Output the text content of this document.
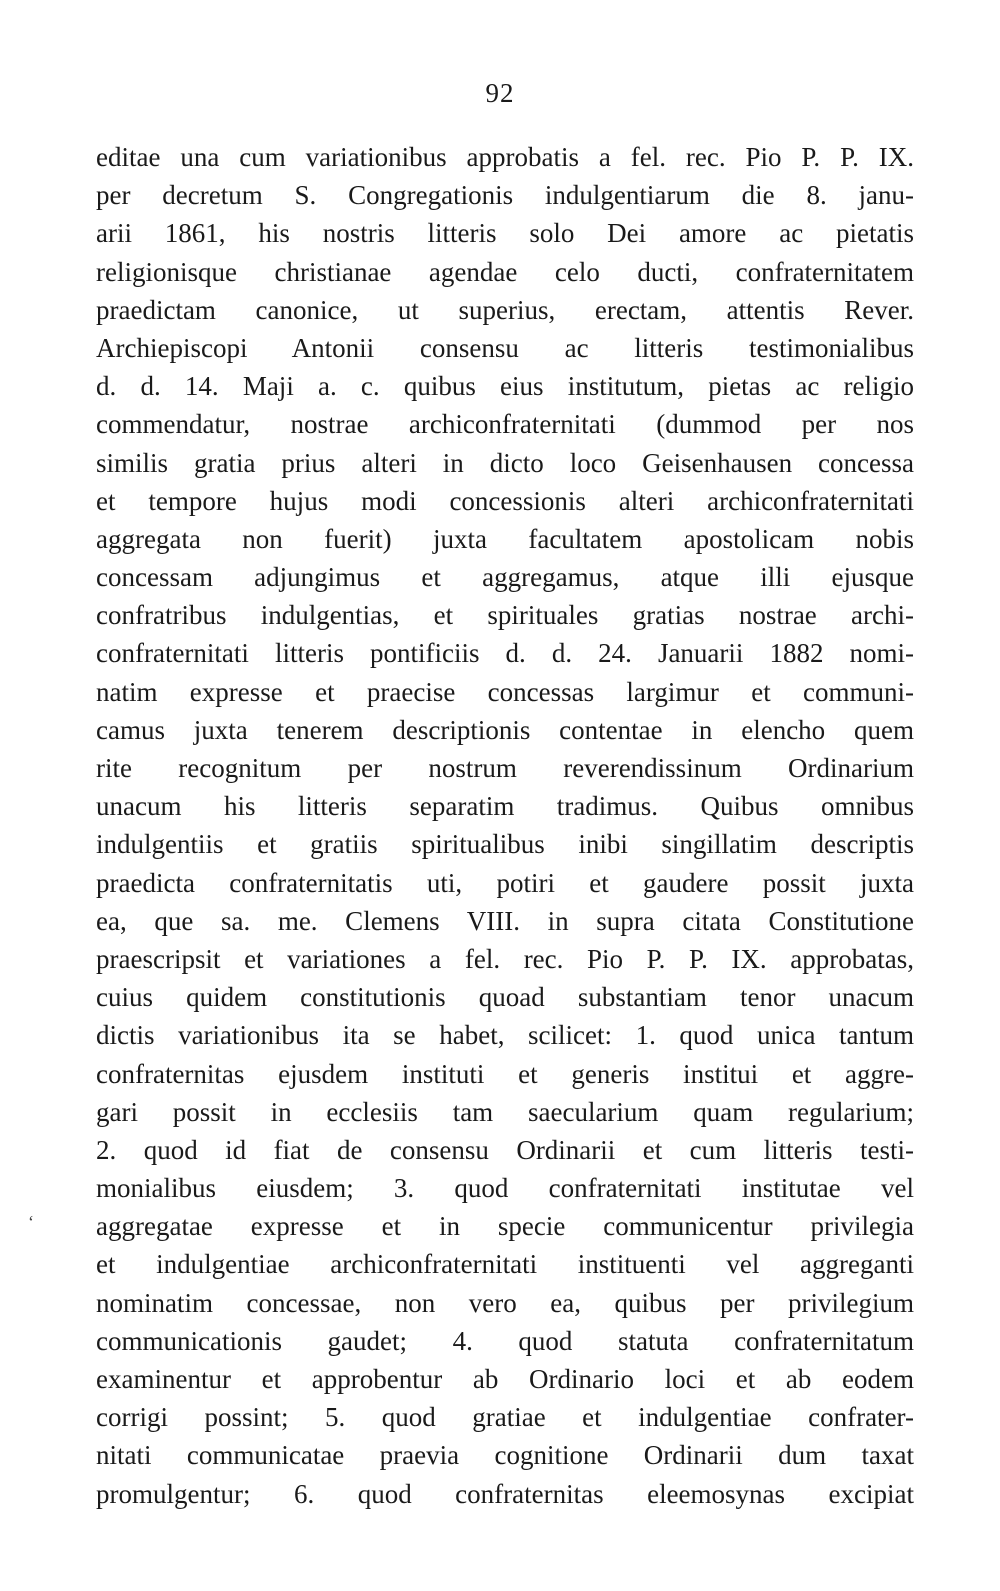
92
editae una cum variationibus approbatis a fel. rec. Pio P. P. IX.
per decretum S. Congregationis indulgentiarum die 8. janu-
arii 1861, his nostris litteris solo Dei amore ac pietatis
religionisque christianae agendae celo ducti, confraternitatem
praedictam canonice, ut superius, erectam, attentis Rever.
Archiepiscopi Antonii consensu ac litteris testimonialibus
d. d. 14. Maji a. c. quibus eius institutum, pietas ac religio
commendatur, nostrae archiconfraternitati (dummod per nos
similis gratia prius alteri in dicto loco Geisenhausen concessa
et tempore hujus modi concessionis alteri archiconfraternitati
aggregata non fuerit) juxta facultatem apostolicam nobis
concessam adjungimus et aggregamus, atque illi ejusque
confratribus indulgentias, et spirituales gratias nostrae archi-
confraternitati litteris pontificiis d. d. 24. Januarii 1882 nomi-
natim expresse et praecise concessas largimur et communi-
camus juxta tenerem descriptionis contentae in elencho quem
rite recognitum per nostrum reverendissinum Ordinarium
unacum his litteris separatim tradimus. Quibus omnibus
indulgentiis et gratiis spiritualibus inibi singillatim descriptis
praedicta confraternitatis uti, potiri et gaudere possit juxta
ea, que sa. me. Clemens VIII. in supra citata Constitutione
praescripsit et variationes a fel. rec. Pio P. P. IX. approbatas,
cuius quidem constitutionis quoad substantiam tenor unacum
dictis variationibus ita se habet, scilicet: 1. quod unica tantum
confraternitas ejusdem instituti et generis institui et aggre-
gari possit in ecclesiis tam saecularium quam regularium;
2. quod id fiat de consensu Ordinarii et cum litteris testi-
monialibus eiusdem; 3. quod confraternitati institutae vel
aggregatae expresse et in specie communicentur privilegia
et indulgentiae archiconfraternitati instituenti vel aggreganti
nominatim concessae, non vero ea, quibus per privilegium
communicationis gaudet; 4. quod statuta confraternitatum
examinentur et approbentur ab Ordinario loci et ab eodem
corrigi possint; 5. quod gratiae et indulgentiae confrater-
nitati communicatae praevia cognitione Ordinarii dum taxat
promulgentur; 6. quod confraternitas eleemosynas excipiat
‘
